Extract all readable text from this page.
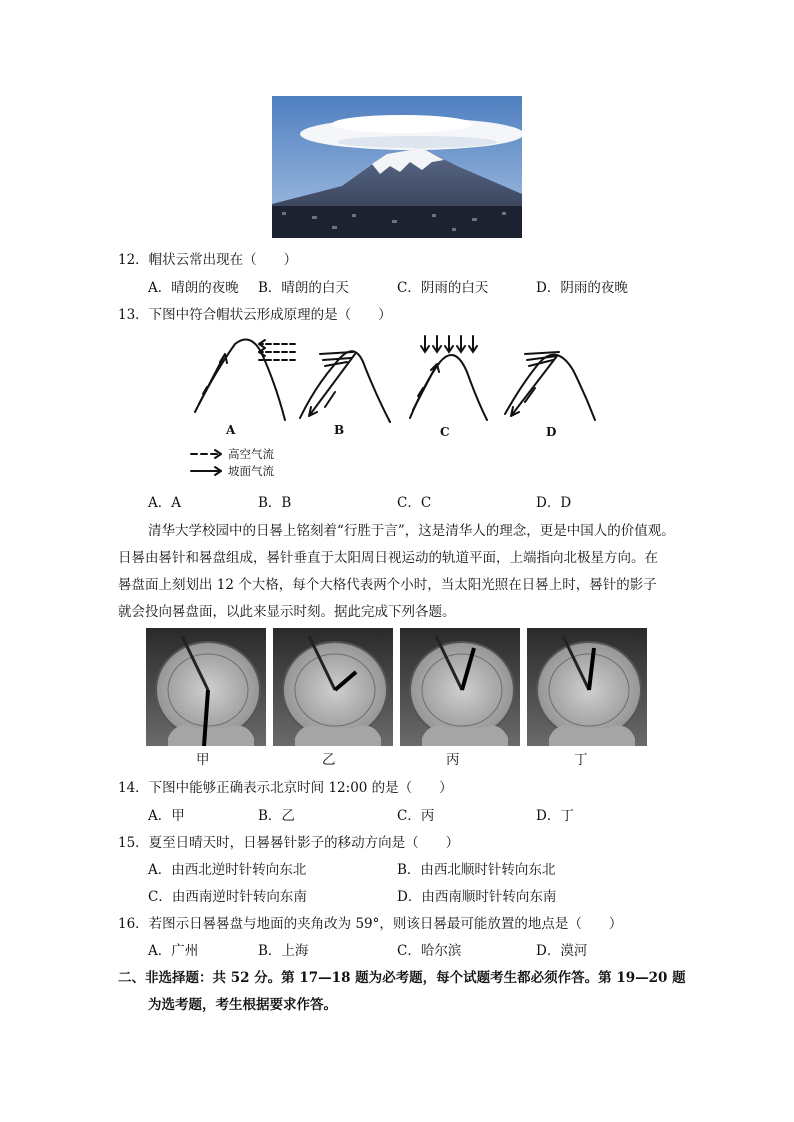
12．帽状云常出现在（　　）
A．晴朗的夜晚 B．晴朗的白天	C．阴雨的白天	D．阴雨的夜晚
13．下图中符合帽状云形成原理的是（　　）
A	B	C	D
高空气流
坡面气流
A．A	B．B	C．C	D．D
清华大学校园中的日晷上铭刻着“行胜于言”，这是清华人的理念，更是中国人的价值观。
日晷由晷针和晷盘组成，晷针垂直于太阳周日视运动的轨道平面，上端指向北极星方向。在
晷盘面上刻划出 12 个大格，每个大格代表两个小时，当太阳光照在日晷上时，晷针的影子
就会投向晷盘面，以此来显示时刻。据此完成下列各题。
甲	乙	丙	丁
14．下图中能够正确表示北京时间 12:00 的是（　　）
A．甲	B．乙	C．丙	D．丁
15．夏至日晴天时，日晷晷针影子的移动方向是（　　）
A．由西北逆时针转向东北	B．由西北顺时针转向东北
C．由西南逆时针转向东南	D．由西南顺时针转向东南
16．若图示日晷晷盘与地面的夹角改为 59°，则该日晷最可能放置的地点是（　　）
A．广州	B．上海	C．哈尔滨	D．漠河
二、非选择题：共 52 分。第 17—18 题为必考题，每个试题考生都必须作答。第 19—20 题
为选考题，考生根据要求作答。
